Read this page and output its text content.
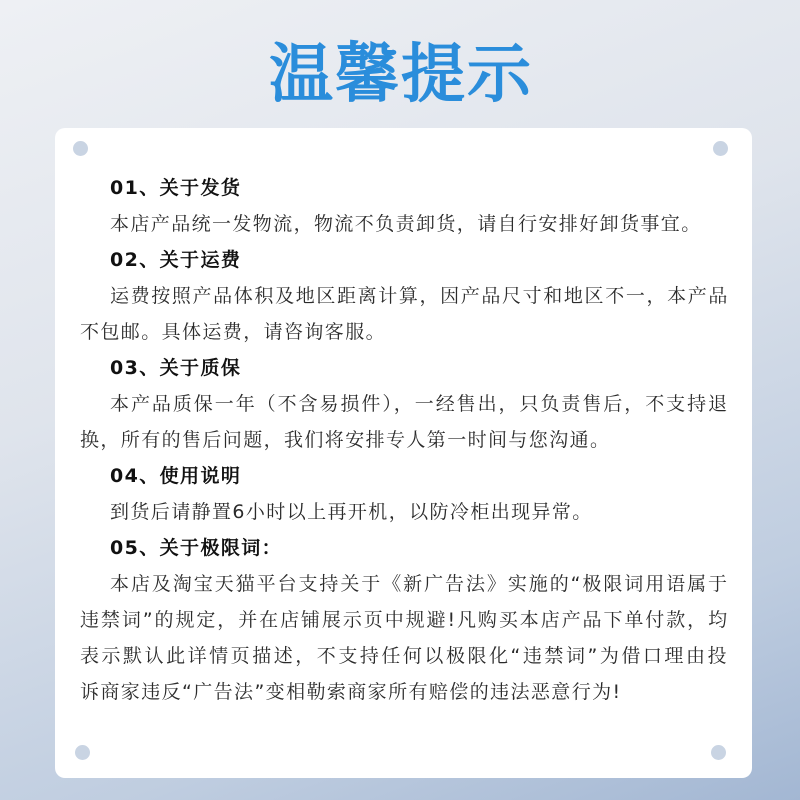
温馨提示
01、关于发货
本店产品统一发物流，物流不负责卸货，请自行安排好卸货事宜。
02、关于运费
运费按照产品体积及地区距离计算，因产品尺寸和地区不一，本产品
不包邮。具体运费，请咨询客服。
03、关于质保
本产品质保一年（不含易损件），一经售出，只负责售后，不支持退
换，所有的售后问题，我们将安排专人第一时间与您沟通。
04、使用说明
到货后请静置6小时以上再开机，以防冷柜出现异常。
05、关于极限词：
本店及淘宝天猫平台支持关于《新广告法》实施的“极限词用语属于
违禁词”的规定，并在店铺展示页中规避!凡购买本店产品下单付款，均
表示默认此详情页描述，不支持任何以极限化“违禁词”为借口理由投
诉商家违反“广告法”变相勒索商家所有赔偿的违法恶意行为!
